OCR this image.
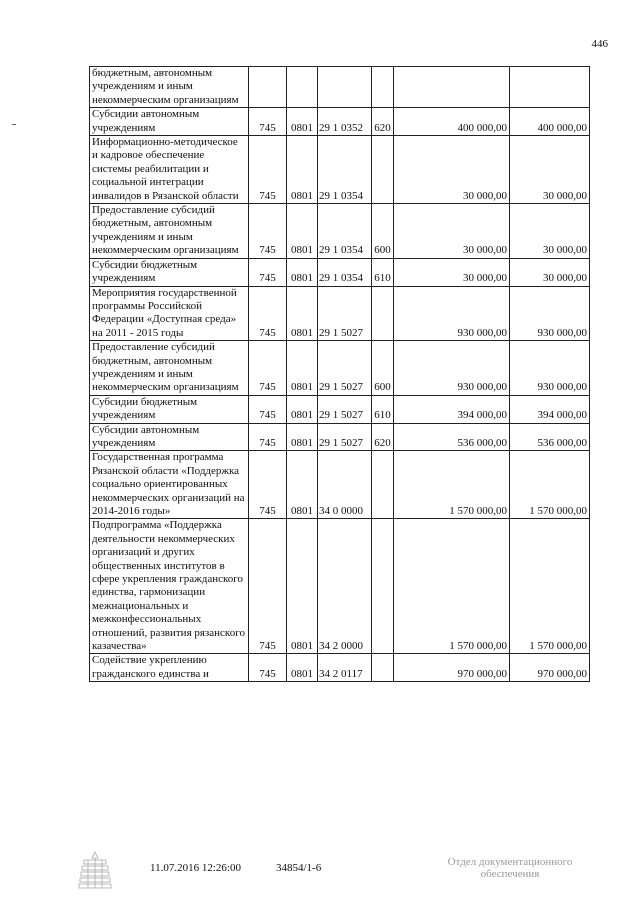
446
бюджетным, автономным учреждениям и иным некоммерческим организациям						
Субсидии автономным учреждениям	745	0801	29 1 0352	620	400 000,00	400 000,00
Информационно-методическое и кадровое обеспечение системы реабилитации и социальной интеграции инвалидов в Рязанской области	745	0801	29 1 0354		30 000,00	30 000,00
Предоставление субсидий бюджетным, автономным учреждениям и иным некоммерческим организациям	745	0801	29 1 0354	600	30 000,00	30 000,00
Субсидии бюджетным учреждениям	745	0801	29 1 0354	610	30 000,00	30 000,00
Мероприятия государственной программы Российской Федерации «Доступная среда» на 2011 - 2015 годы	745	0801	29 1 5027		930 000,00	930 000,00
Предоставление субсидий бюджетным, автономным учреждениям и иным некоммерческим организациям	745	0801	29 1 5027	600	930 000,00	930 000,00
Субсидии бюджетным учреждениям	745	0801	29 1 5027	610	394 000,00	394 000,00
Субсидии автономным учреждениям	745	0801	29 1 5027	620	536 000,00	536 000,00
Государственная программа Рязанской области «Поддержка социально ориентированных некоммерческих организаций на 2014-2016 годы»	745	0801	34 0 0000		1 570 000,00	1 570 000,00
Подпрограмма «Поддержка деятельности некоммерческих организаций и других общественных институтов в сфере укрепления гражданского единства, гармонизации межнациональных и межконфессиональных отношений, развития рязанского казачества»	745	0801	34 2 0000		1 570 000,00	1 570 000,00
Содействие укреплению гражданского единства и	745	0801	34 2 0117		970 000,00	970 000,00
11.07.2016 12:26:00	34854/1-6	Отдел документационного
обеспечения
